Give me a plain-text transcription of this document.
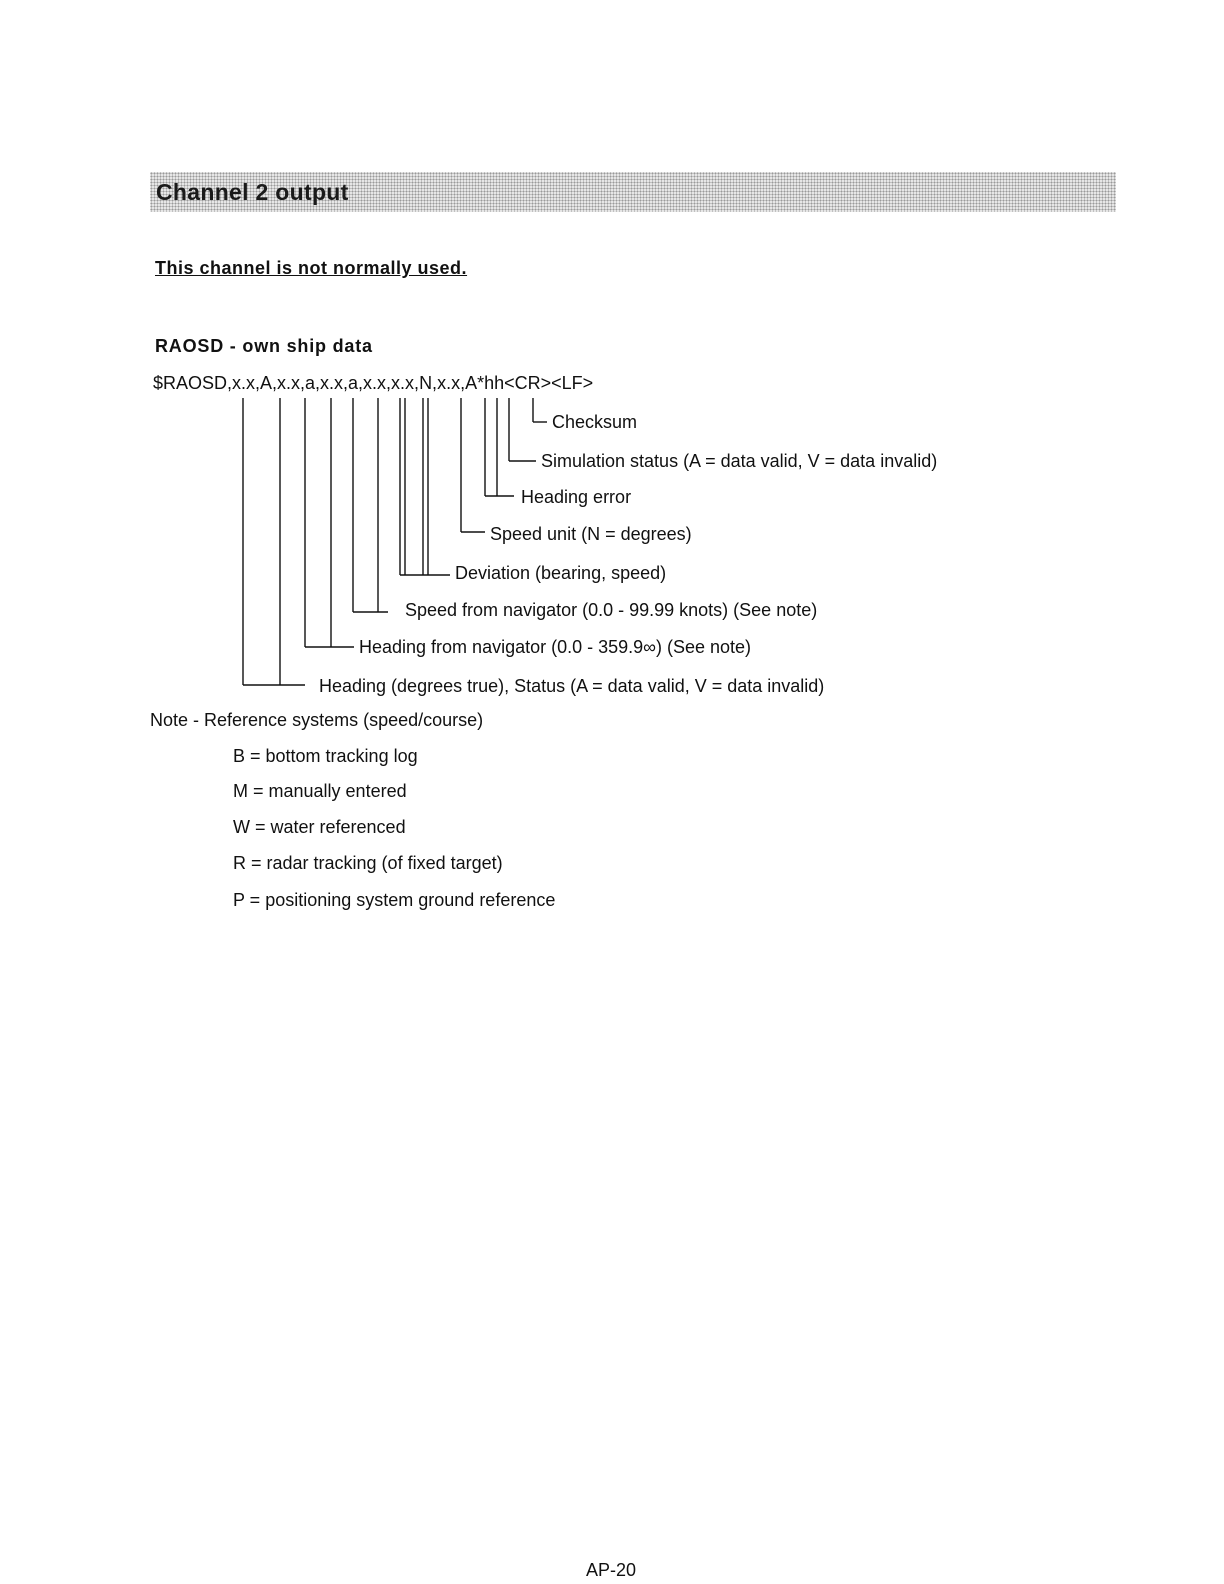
Channel 2 output
This channel is not normally used.
RAOSD - own ship data
$RAOSD,x.x,A,x.x,a,x.x,a,x.x,x.x,N,x.x,A*hh<CR><LF>
Checksum
Simulation status (A = data valid, V = data invalid)
Heading error
Speed unit (N = degrees)
Deviation (bearing, speed)
Speed from navigator (0.0 - 99.99 knots) (See note)
Heading from navigator (0.0 - 359.9∞) (See note)
Heading (degrees true), Status (A = data valid, V = data invalid)
Note - Reference systems (speed/course)
B = bottom tracking log
M = manually entered
W = water referenced
R = radar tracking (of fixed target)
P = positioning system ground reference
AP-20
